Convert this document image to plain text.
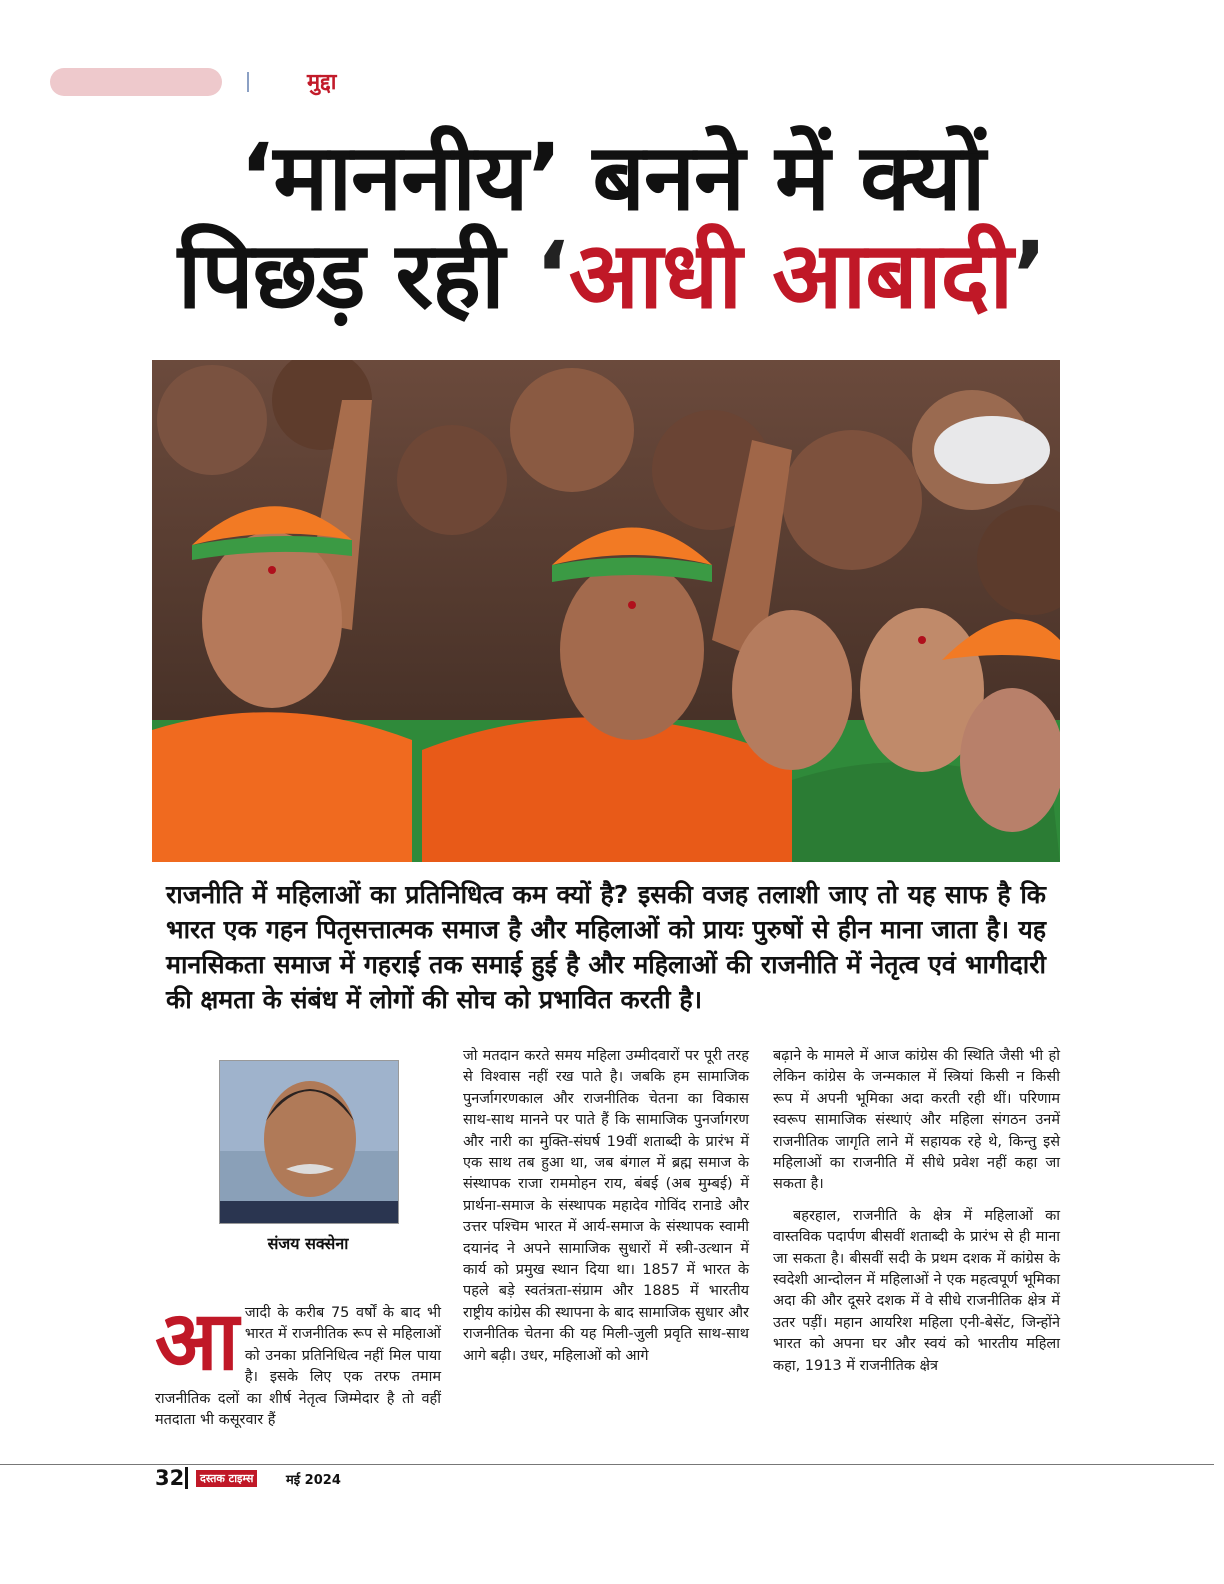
मुद्दा
‘माननीय’ बनने में क्यों
पिछड़ रही ‘आधी आबादी’
राजनीति में महिलाओं का प्रतिनिधित्व कम क्यों है? इसकी वजह तलाशी जाए तो यह साफ है कि भारत एक गहन पितृसत्तात्मक समाज है और महिलाओं को प्रायः पुरुषों से हीन माना जाता है। यह मानसिकता समाज में गहराई तक समाई हुई है और महिलाओं की राजनीति में नेतृत्व एवं भागीदारी की क्षमता के संबंध में लोगों की सोच को प्रभावित करती है।
संजय सक्सेना
आ जादी के करीब 75 वर्षों के बाद भी भारत में राजनीतिक रूप से महिलाओं को उनका प्रतिनिधित्व नहीं मिल पाया है। इसके लिए एक तरफ तमाम राजनीतिक दलों का शीर्ष नेतृत्व जिम्मेदार है तो वहीं मतदाता भी कसूरवार हैं

जो मतदान करते समय महिला उम्मीदवारों पर पूरी तरह से विश्वास नहीं रख पाते है। जबकि हम सामाजिक पुनर्जागरणकाल और राजनीतिक चेतना का विकास साथ-साथ मानने पर पाते हैं कि सामाजिक पुनर्जागरण और नारी का मुक्ति-संघर्ष 19वीं शताब्दी के प्रारंभ में एक साथ तब हुआ था, जब बंगाल में ब्रह्म समाज के संस्थापक राजा राममोहन राय, बंबई (अब मुम्बई) में प्रार्थना-समाज के संस्थापक महादेव गोविंद रानाडे और उत्तर पश्चिम भारत में आर्य-समाज के संस्थापक स्वामी दयानंद ने अपने सामाजिक सुधारों में स्त्री-उत्थान में कार्य को प्रमुख स्थान दिया था। 1857 में भारत के पहले बड़े स्वतंत्रता-संग्राम और 1885 में भारतीय राष्ट्रीय कांग्रेस की स्थापना के बाद सामाजिक सुधार और राजनीतिक चेतना की यह मिली-जुली प्रवृति साथ-साथ आगे बढ़ी। उधर, महिलाओं को आगे

बढ़ाने के मामले में आज कांग्रेस की स्थिति जैसी भी हो लेकिन कांग्रेस के जन्मकाल में स्त्रियां किसी न किसी रूप में अपनी भूमिका अदा करती रही थीं। परिणाम स्वरूप सामाजिक संस्थाएं और महिला संगठन उनमें राजनीतिक जागृति लाने में सहायक रहे थे, किन्तु इसे महिलाओं का राजनीति में सीधे प्रवेश नहीं कहा जा सकता है।

बहरहाल, राजनीति के क्षेत्र में महिलाओं का वास्तविक पदार्पण बीसवीं शताब्दी के प्रारंभ से ही माना जा सकता है। बीसवीं सदी के प्रथम दशक में कांग्रेस के स्वदेशी आन्दोलन में महिलाओं ने एक महत्वपूर्ण भूमिका अदा की और दूसरे दशक में वे सीधे राजनीतिक क्षेत्र में उतर पड़ीं। महान आयरिश महिला एनी-बेसेंट, जिन्होंने भारत को अपना घर और स्वयं को भारतीय महिला कहा, 1913 में राजनीतिक क्षेत्र

32	दस्तक टाइम्स	मई 2024
